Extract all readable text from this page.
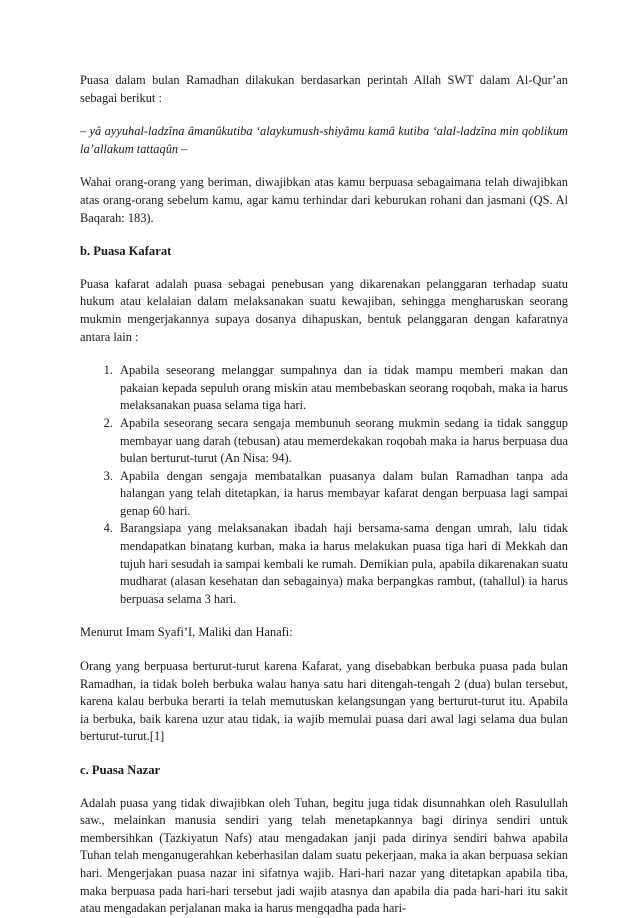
Puasa dalam bulan Ramadhan dilakukan berdasarkan perintah Allah SWT dalam Al-Qur’an sebagai berikut :

– yâ ayyuhal-ladzîna âmanûkutiba ‘alaykumush-shiyâmu kamâ kutiba ‘alal-ladzîna min qoblikum la’allakum tattaqûn –

Wahai orang-orang yang beriman, diwajibkan atas kamu berpuasa sebagaimana telah diwajibkan atas orang-orang sebelum kamu, agar kamu terhindar dari keburukan rohani dan jasmani (QS. Al Baqarah: 183).

b. Puasa Kafarat

Puasa kafarat adalah puasa sebagai penebusan yang dikarenakan pelanggaran terhadap suatu hukum atau kelalaian dalam melaksanakan suatu kewajiban, sehingga mengharuskan seorang mukmin mengerjakannya supaya dosanya dihapuskan, bentuk pelanggaran dengan kafaratnya antara lain :

1. Apabila seseorang melanggar sumpahnya dan ia tidak mampu memberi makan dan pakaian kepada sepuluh orang miskin atau membebaskan seorang roqobah, maka ia harus melaksanakan puasa selama tiga hari.
2. Apabila seseorang secara sengaja membunuh seorang mukmin sedang ia tidak sanggup membayar uang darah (tebusan) atau memerdekakan roqobah maka ia harus berpuasa dua bulan berturut-turut (An Nisa: 94).
3. Apabila dengan sengaja membatalkan puasanya dalam bulan Ramadhan tanpa ada halangan yang telah ditetapkan, ia harus membayar kafarat dengan berpuasa lagi sampai genap 60 hari.
4. Barangsiapa yang melaksanakan ibadah haji bersama-sama dengan umrah, lalu tidak mendapatkan binatang kurban, maka ia harus melakukan puasa tiga hari di Mekkah dan tujuh hari sesudah ia sampai kembali ke rumah. Demikian pula, apabila dikarenakan suatu mudharat (alasan kesehatan dan sebagainya) maka berpangkas rambut, (tahallul) ia harus berpuasa selama 3 hari.

Menurut Imam Syafi’I, Maliki dan Hanafi:

Orang yang berpuasa berturut-turut karena Kafarat, yang disebabkan berbuka puasa pada bulan Ramadhan, ia tidak boleh berbuka walau hanya satu hari ditengah-tengah 2 (dua) bulan tersebut, karena kalau berbuka berarti ia telah memutuskan kelangsungan yang berturut-turut itu. Apabila ia berbuka, baik karena uzur atau tidak, ia wajib memulai puasa dari awal lagi selama dua bulan berturut-turut.[1]

c. Puasa Nazar

Adalah puasa yang tidak diwajibkan oleh Tuhan, begitu juga tidak disunnahkan oleh Rasulullah saw., melainkan manusia sendiri yang telah menetapkannya bagi dirinya sendiri untuk membersihkan (Tazkiyatun Nafs) atau mengadakan janji pada dirinya sendiri bahwa apabila Tuhan telah menganugerahkan keberhasilan dalam suatu pekerjaan, maka ia akan berpuasa sekian hari. Mengerjakan puasa nazar ini sifatnya wajib. Hari-hari nazar yang ditetapkan apabila tiba, maka berpuasa pada hari-hari tersebut jadi wajib atasnya dan apabila dia pada hari-hari itu sakit atau mengadakan perjalanan maka ia harus mengqadha pada hari-
